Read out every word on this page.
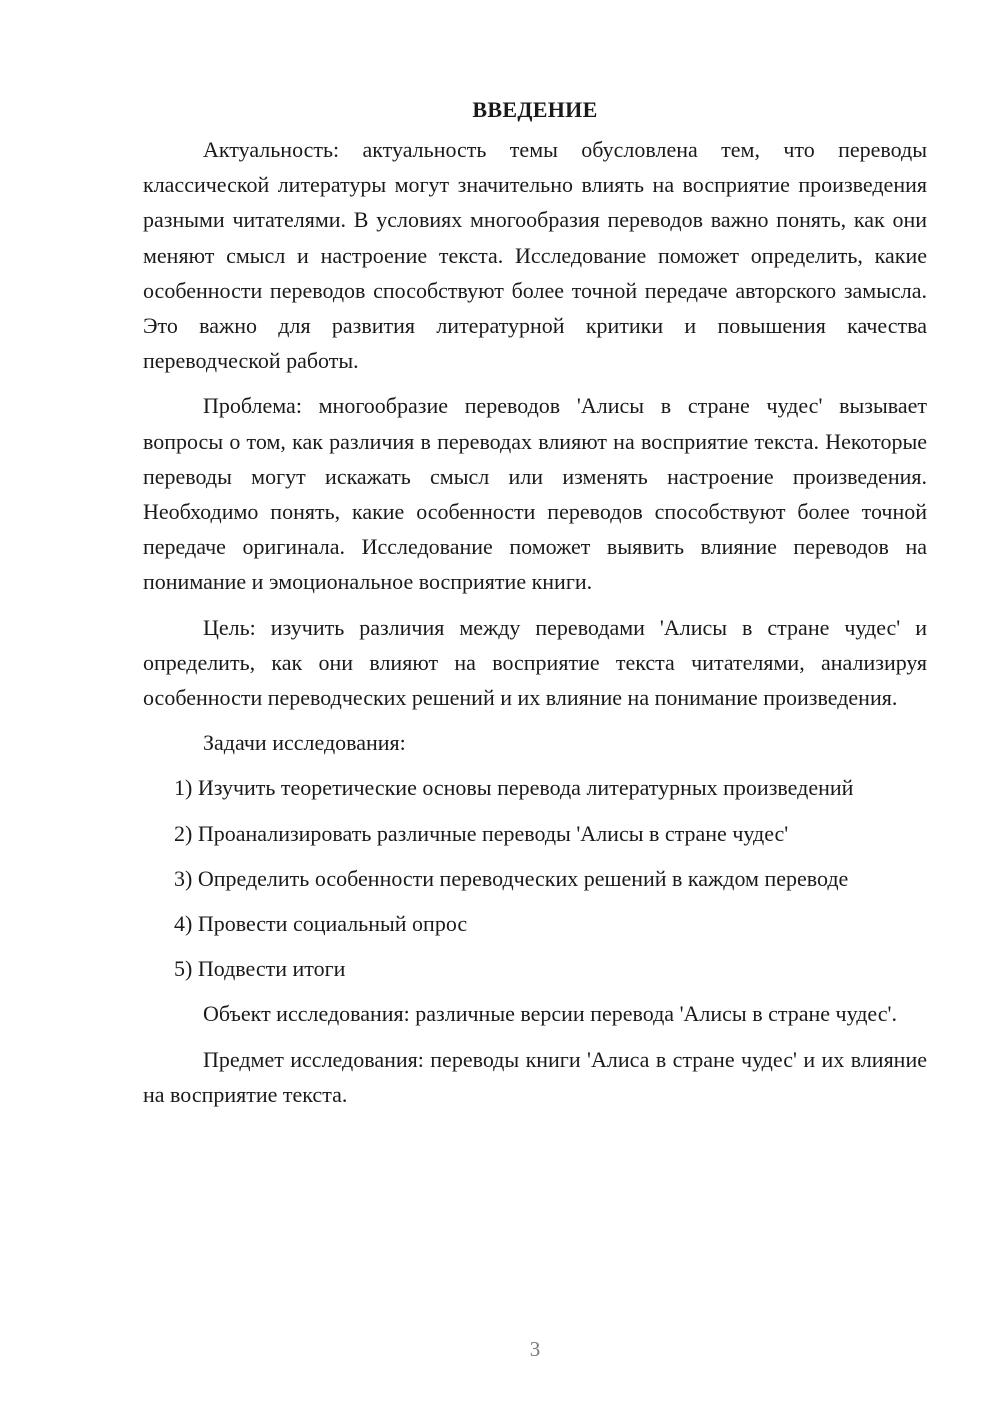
ВВЕДЕНИЕ

Актуальность: актуальность темы обусловлена тем, что переводы классической литературы могут значительно влиять на восприятие произведения разными читателями. В условиях многообразия переводов важно понять, как они меняют смысл и настроение текста. Исследование поможет определить, какие особенности переводов способствуют более точной передаче авторского замысла. Это важно для развития литературной критики и повышения качества переводческой работы.

Проблема: многообразие переводов 'Алисы в стране чудес' вызывает вопросы о том, как различия в переводах влияют на восприятие текста. Некоторые переводы могут искажать смысл или изменять настроение произведения. Необходимо понять, какие особенности переводов способствуют более точной передаче оригинала. Исследование поможет выявить влияние переводов на понимание и эмоциональное восприятие книги.

Цель: изучить различия между переводами 'Алисы в стране чудес' и определить, как они влияют на восприятие текста читателями, анализируя особенности переводческих решений и их влияние на понимание произведения.

Задачи исследования:

1) Изучить теоретические основы перевода литературных произведений

2) Проанализировать различные переводы 'Алисы в стране чудес'

3) Определить особенности переводческих решений в каждом переводе

4) Провести социальный опрос

5) Подвести итоги

Объект исследования: различные версии перевода 'Алисы в стране чудес'.

Предмет исследования: переводы книги 'Алиса в стране чудес' и их влияние на восприятие текста.

3
